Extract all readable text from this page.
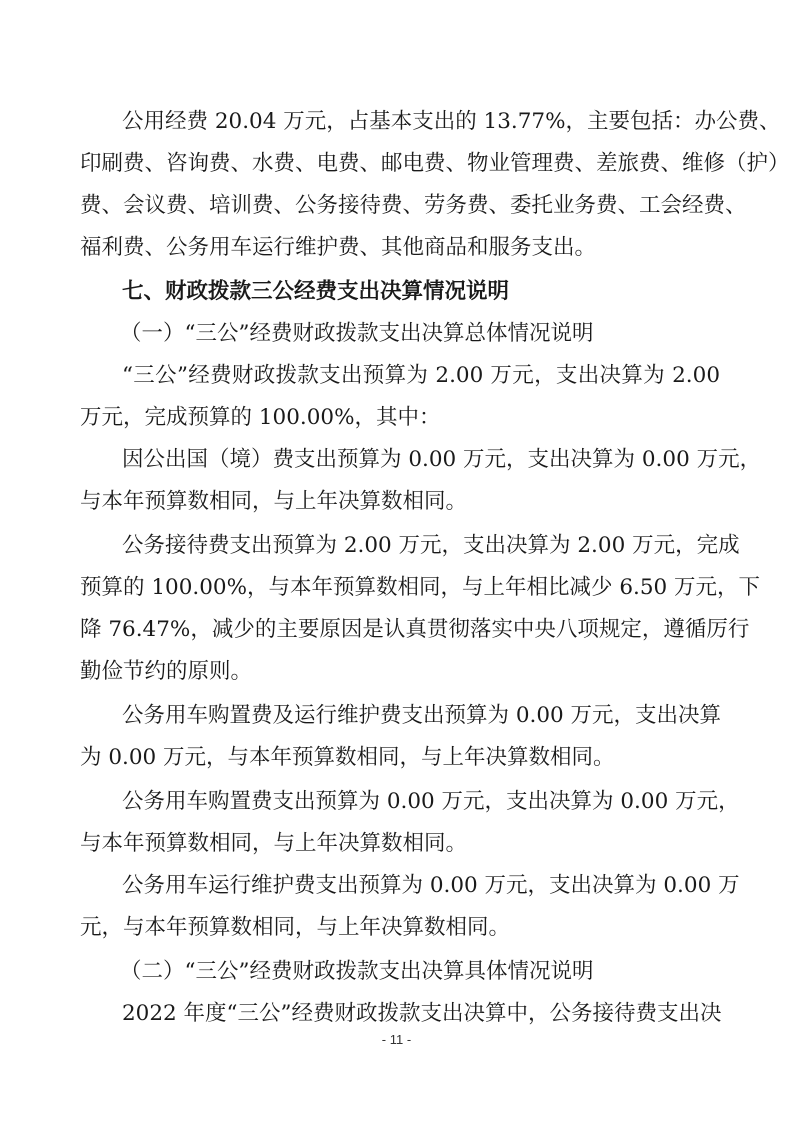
公用经费 20.04 万元，占基本支出的 13.77%，主要包括：办公费、
印刷费、咨询费、水费、电费、邮电费、物业管理费、差旅费、维修（护）
费、会议费、培训费、公务接待费、劳务费、委托业务费、工会经费、
福利费、公务用车运行维护费、其他商品和服务支出。
七、财政拨款三公经费支出决算情况说明
（一）“三公”经费财政拨款支出决算总体情况说明
“三公”经费财政拨款支出预算为 2.00 万元，支出决算为 2.00
万元，完成预算的 100.00%，其中：
因公出国（境）费支出预算为 0.00 万元，支出决算为 0.00 万元，
与本年预算数相同，与上年决算数相同。
公务接待费支出预算为 2.00 万元，支出决算为 2.00 万元，完成
预算的 100.00%，与本年预算数相同，与上年相比减少 6.50 万元，下
降 76.47%，减少的主要原因是认真贯彻落实中央八项规定，遵循厉行
勤俭节约的原则。
公务用车购置费及运行维护费支出预算为 0.00 万元，支出决算
为 0.00 万元，与本年预算数相同，与上年决算数相同。
公务用车购置费支出预算为 0.00 万元，支出决算为 0.00 万元，
与本年预算数相同，与上年决算数相同。
公务用车运行维护费支出预算为 0.00 万元，支出决算为 0.00 万
元，与本年预算数相同，与上年决算数相同。
（二）“三公”经费财政拨款支出决算具体情况说明
2022 年度“三公”经费财政拨款支出决算中，公务接待费支出决
- 11 -
